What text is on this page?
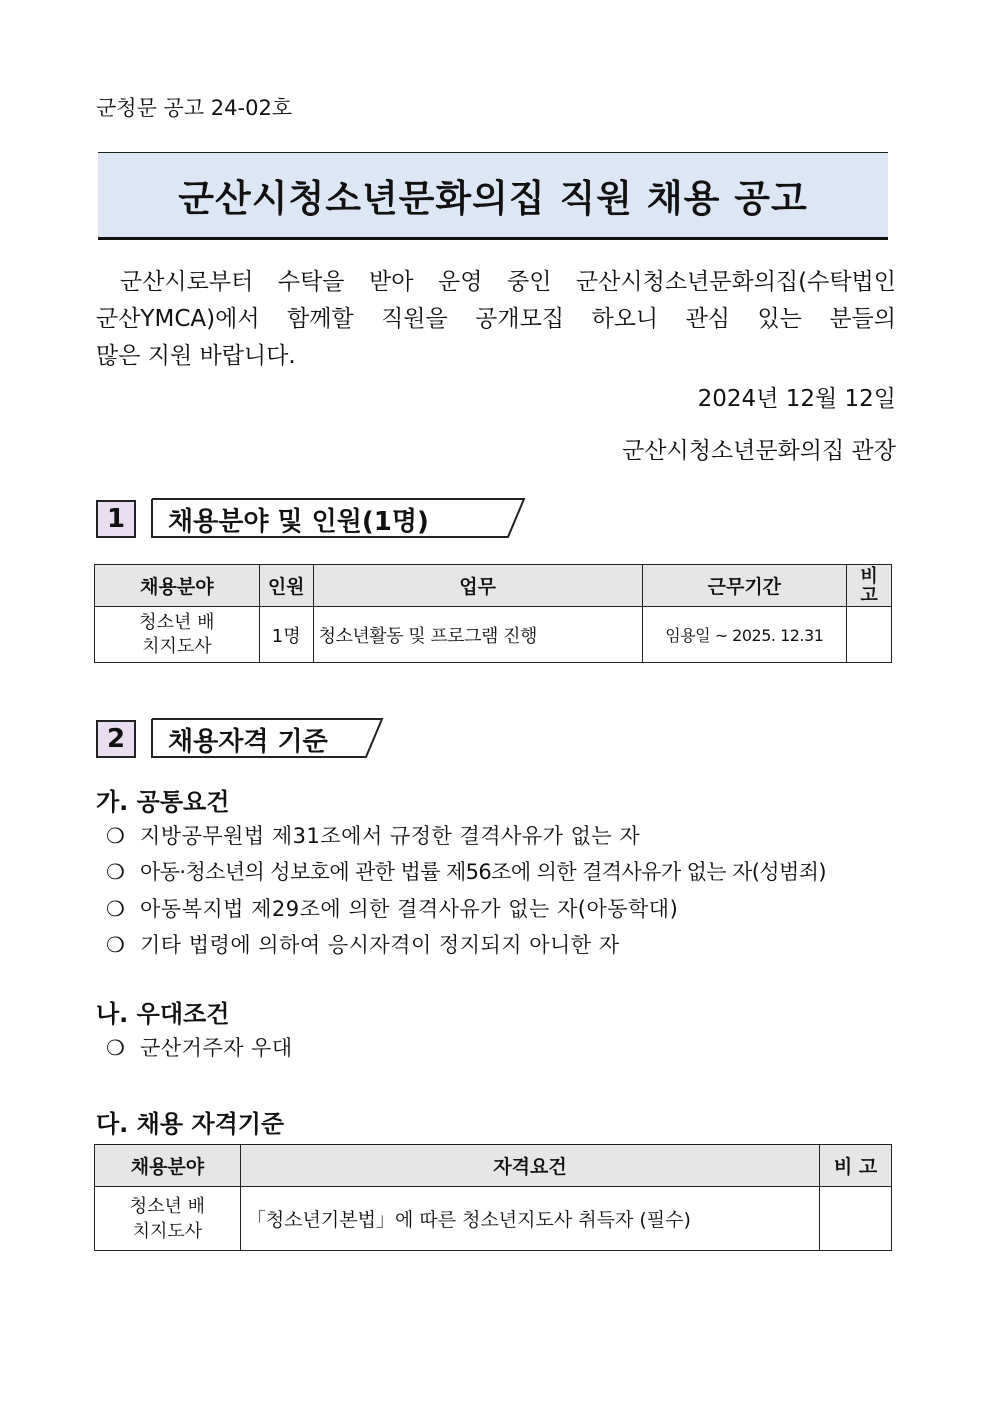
군청문 공고 24-02호
군산시청소년문화의집 직원 채용 공고

군산시로부터 수탁을 받아 운영 중인 군산시청소년문화의집(수탁법인

군산YMCA)에서 함께할 직원을 공개모집 하오니 관심 있는 분들의

많은 지원 바랍니다.

2024년 12월 12일
군산시청소년문화의집 관장
1	채용분야 및 인원(1명)
채용분야	인원	업무	근무기간	비고

청소년 배치지도사	1명	청소년활동 및 프로그램 진행	임용일 ~ 2025. 12.31	
2	채용자격 기준
가. 공통요건
❍ 지방공무원법 제31조에서 규정한 결격사유가 없는 자
❍ 아동·청소년의 성보호에 관한 법률 제56조에 의한 결격사유가 없는 자(성범죄)
❍ 아동복지법 제29조에 의한 결격사유가 없는 자(아동학대)
❍ 기타 법령에 의하여 응시자격이 정지되지 아니한 자
나. 우대조건
❍ 군산거주자 우대
다. 채용 자격기준
채용분야	자격요건	비 고

청소년 배치지도사	「청소년기본법」에 따른 청소년지도사 취득자 (필수)	
